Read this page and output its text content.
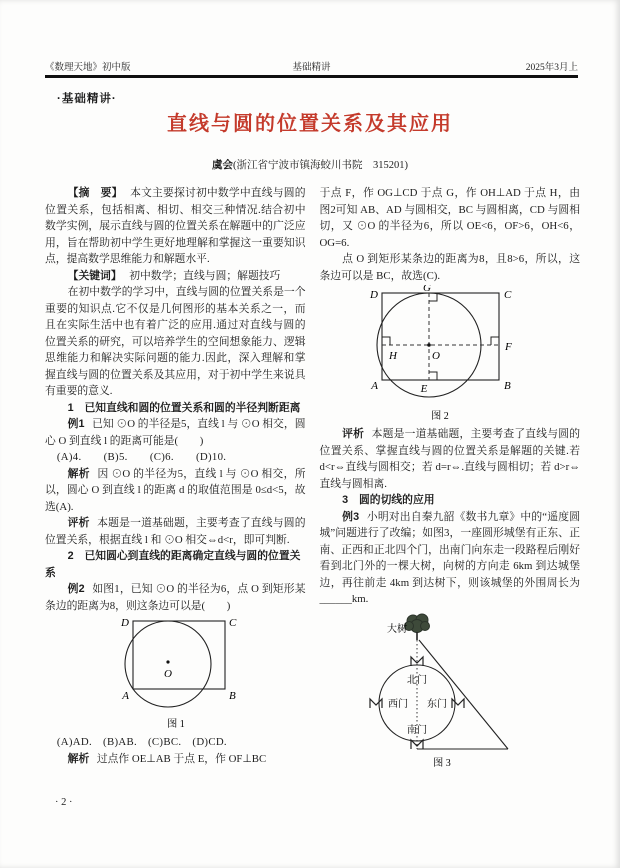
《数理天地》初中版	基础精讲	2025年3月上
·基础精讲·
直线与圆的位置关系及其应用
虞会(浙江省宁波市镇海蛟川书院　315201)

【摘　要】 本文主要探讨初中数学中直线与圆的位置关系，包括相离、相切、相交三种情况.结合初中数学实例，展示直线与圆的位置关系在解题中的广泛应用，旨在帮助初中学生更好地理解和掌握这一重要知识点，提高数学思维能力和解题水平.

【关键词】 初中数学；直线与圆；解题技巧

在初中数学的学习中，直线与圆的位置关系是一个重要的知识点.它不仅是几何图形的基本关系之一，而且在实际生活中也有着广泛的应用.通过对直线与圆的位置关系的研究，可以培养学生的空间想象能力、逻辑思维能力和解决实际问题的能力.因此，深入理解和掌握直线与圆的位置关系及其应用，对于初中学生来说具有重要的意义.

1　已知直线和圆的位置关系和圆的半径判断距离

例1 已知 ⊙O 的半径是5，直线 l 与 ⊙O 相交，圆心 O 到直线 l 的距离可能是(　　)

(A)4.　　(B)5.　　(C)6.　　(D)10.

解析 因 ⊙O 的半径为5，直线 l 与 ⊙O 相交，所以，圆心 O 到直线 l 的距离 d 的取值范围是 0≤d<5，故选(A).

评析 本题是一道基础题，主要考查了直线与圆的位置关系，根据直线 l 和 ⊙O 相交⇔d<r，即可判断.

2　已知圆心到直线的距离确定直线与圆的位置关系

例2 如图1，已知 ⊙O 的半径为6，点 O 到矩形某条边的距离为8，则这条边可以是(　　)

D	C
A	B
O
图 1

(A)AD.　(B)AB.　(C)BC.　(D)CD.

解析 过点作 OE⊥AB 于点 E，作 OF⊥BC

于点 F，作 OG⊥CD 于点 G，作 OH⊥AD 于点 H，由图2可知 AB、AD 与圆相交，BC 与圆相离，CD 与圆相切，又 ⊙O 的半径为6，所以 OE<6，OF>6，OH<6，OG=6.

点 O 到矩形某条边的距离为8，且8>6，所以，这条边可以是 BC，故选(C).

D
G
C
H	O
F
A	E	B
图 2

评析 本题是一道基础题，主要考查了直线与圆的位置关系、掌握直线与圆的位置关系是解题的关键.若 d<r⇔直线与圆相交；若 d=r⇔.直线与圆相切；若 d>r⇔直线与圆相离.

3　圆的切线的应用

例3 小明对出自秦九韶《数书九章》中的“遥度圆城”问题进行了改编；如图3，一座圆形城堡有正东、正南、正西和正北四个门，出南门向东走一段路程后刚好看到北门外的一棵大树，向树的方向走 6km 到达城堡边，再往前走 4km 到达树下，则该城堡的外围周长为______km.

大树
北门
西门 东门
南门
图 3
· 2 ·
